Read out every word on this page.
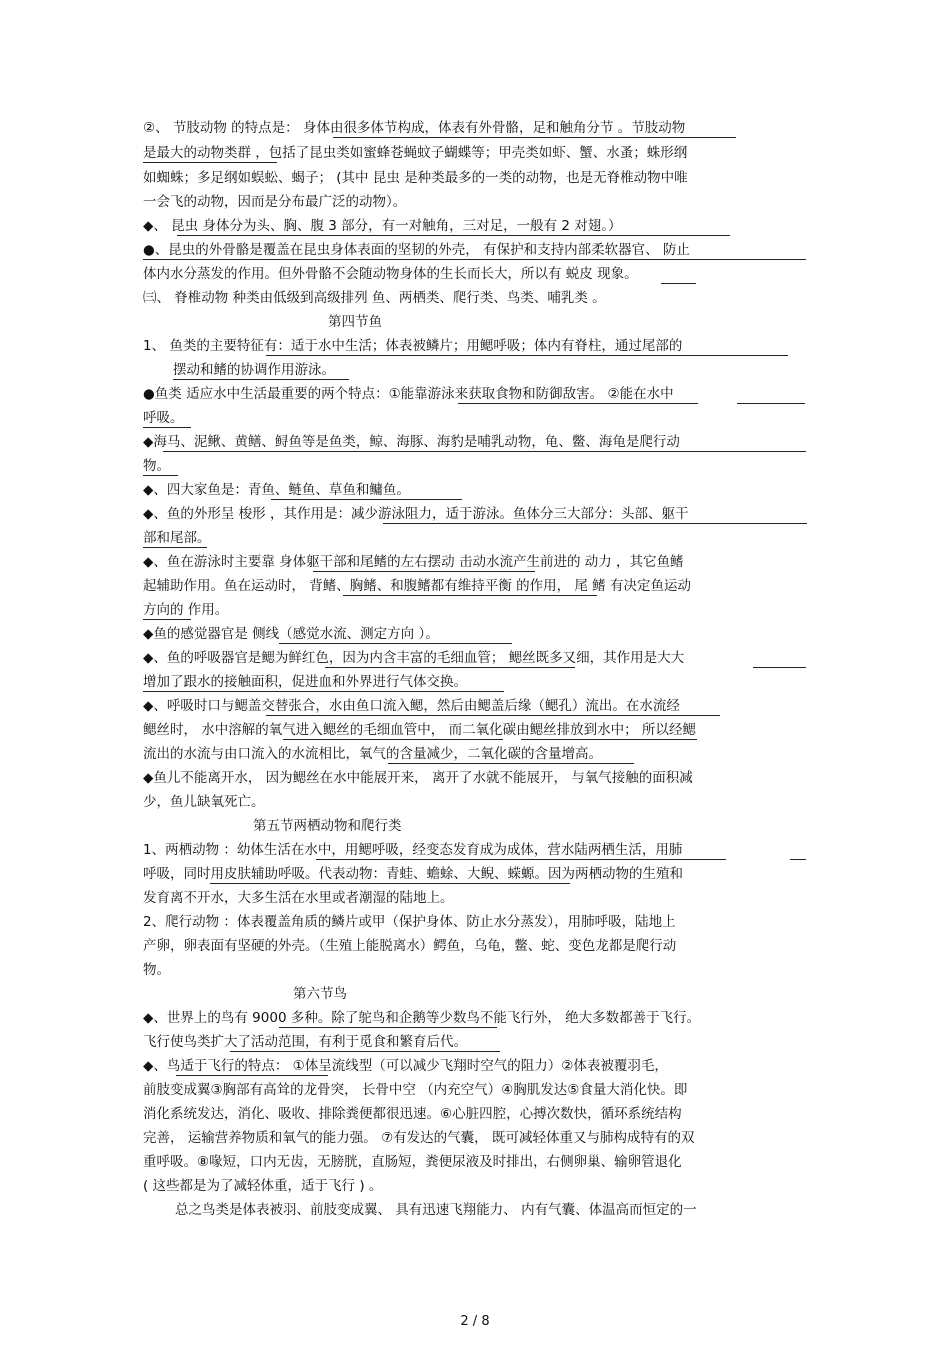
②、 节肢动物 的特点是： 身体由很多体节构成，体表有外骨骼，足和触角分节 。节肢动物
是最大的动物类群 ，包括了昆虫类如蜜蜂苍蝇蚊子蝴蝶等；甲壳类如虾、蟹、水蚤；蛛形纲
如蜘蛛；多足纲如蜈蚣、蝎子； (其中 昆虫 是种类最多的一类的动物，也是无脊椎动物中唯
一会飞的动物，因而是分布最广泛的动物）。
◆、 昆虫 身体分为头、胸、腹 3 部分，有一对触角，三对足，一般有 2 对翅。）
●、昆虫的外骨骼是覆盖在昆虫身体表面的坚韧的外壳， 有保护和支持内部柔软器官、 防止
体内水分蒸发的作用。但外骨骼不会随动物身体的生长而长大，所以有 蜕皮 现象。
㈢、 脊椎动物 种类由低级到高级排列 鱼、两栖类、爬行类、鸟类、哺乳类 。
第四节鱼
1、 鱼类的主要特征有：适于水中生活；体表被鳞片；用鳃呼吸；体内有脊柱，通过尾部的
摆动和鳍的协调作用游泳。
●鱼类 适应水中生活最重要的两个特点：①能靠游泳来获取食物和防御敌害。 ②能在水中
呼吸。
◆海马、泥鳅、黄鳝、鲟鱼等是鱼类，鲸、海豚、海豹是哺乳动物，龟、鳖、海龟是爬行动
物。
◆、四大家鱼是：青鱼、鲢鱼、草鱼和鳙鱼。
◆、鱼的外形呈 梭形 ，其作用是：减少游泳阻力，适于游泳。鱼体分三大部分：头部、躯干
部和尾部。
◆、鱼在游泳时主要靠 身体躯干部和尾鳍的左右摆动 击动水流产生前进的 动力 ，其它鱼鳍
起辅助作用。鱼在运动时， 背鳍、胸鳍、和腹鳍都有维持平衡 的作用， 尾 鳍 有决定鱼运动
方向的 作用。
◆鱼的感觉器官是 侧线（感觉水流、测定方向 ）。
◆、鱼的呼吸器官是鳃为鲜红色，因为内含丰富的毛细血管； 鳃丝既多又细，其作用是大大
增加了跟水的接触面积，促进血和外界进行气体交换。
◆、呼吸时口与鳃盖交替张合，水由鱼口流入鳃，然后由鳃盖后缘（鳃孔）流出。在水流经
鳃丝时， 水中溶解的氧气进入鳃丝的毛细血管中， 而二氧化碳由鳃丝排放到水中； 所以经鳃
流出的水流与由口流入的水流相比，氧气的含量减少，二氧化碳的含量增高。
◆鱼儿不能离开水， 因为鳃丝在水中能展开来， 离开了水就不能展开， 与氧气接触的面积减
少，鱼儿缺氧死亡。
第五节两栖动物和爬行类
1、两栖动物 ：幼体生活在水中，用鳃呼吸，经变态发育成为成体，营水陆两栖生活，用肺
呼吸，同时用皮肤辅助呼吸。代表动物：青蛙、蟾蜍、大鲵、蝾螈。因为两栖动物的生殖和
发育离不开水，大多生活在水里或者潮湿的陆地上。
2、爬行动物 ：体表覆盖角质的鳞片或甲（保护身体、防止水分蒸发），用肺呼吸，陆地上
产卵，卵表面有坚硬的外壳。（生殖上能脱离水）鳄鱼，乌龟，鳖、蛇、变色龙都是爬行动
物。
第六节鸟
◆、世界上的鸟有 9000 多种。除了鸵鸟和企鹅等少数鸟不能飞行外， 绝大多数都善于飞行。
飞行使鸟类扩大了活动范围，有利于觅食和繁育后代。
◆、鸟适于飞行的特点： ①体呈流线型（可以减少飞翔时空气的阻力）②体表被覆羽毛，
前肢变成翼③胸部有高耸的龙骨突， 长骨中空 （内充空气）④胸肌发达⑤食量大消化快。即
消化系统发达，消化、吸收、排除粪便都很迅速。⑥心脏四腔，心搏次数快，循环系统结构
完善， 运输营养物质和氧气的能力强。 ⑦有发达的气囊， 既可减轻体重又与肺构成特有的双
重呼吸。⑧喙短，口内无齿，无膀胱，直肠短，粪便尿液及时排出，右侧卵巢、输卵管退化
( 这些都是为了减轻体重，适于飞行 ) 。
总之鸟类是体表被羽、前肢变成翼、 具有迅速飞翔能力、 内有气囊、体温高而恒定的一
2 / 8
